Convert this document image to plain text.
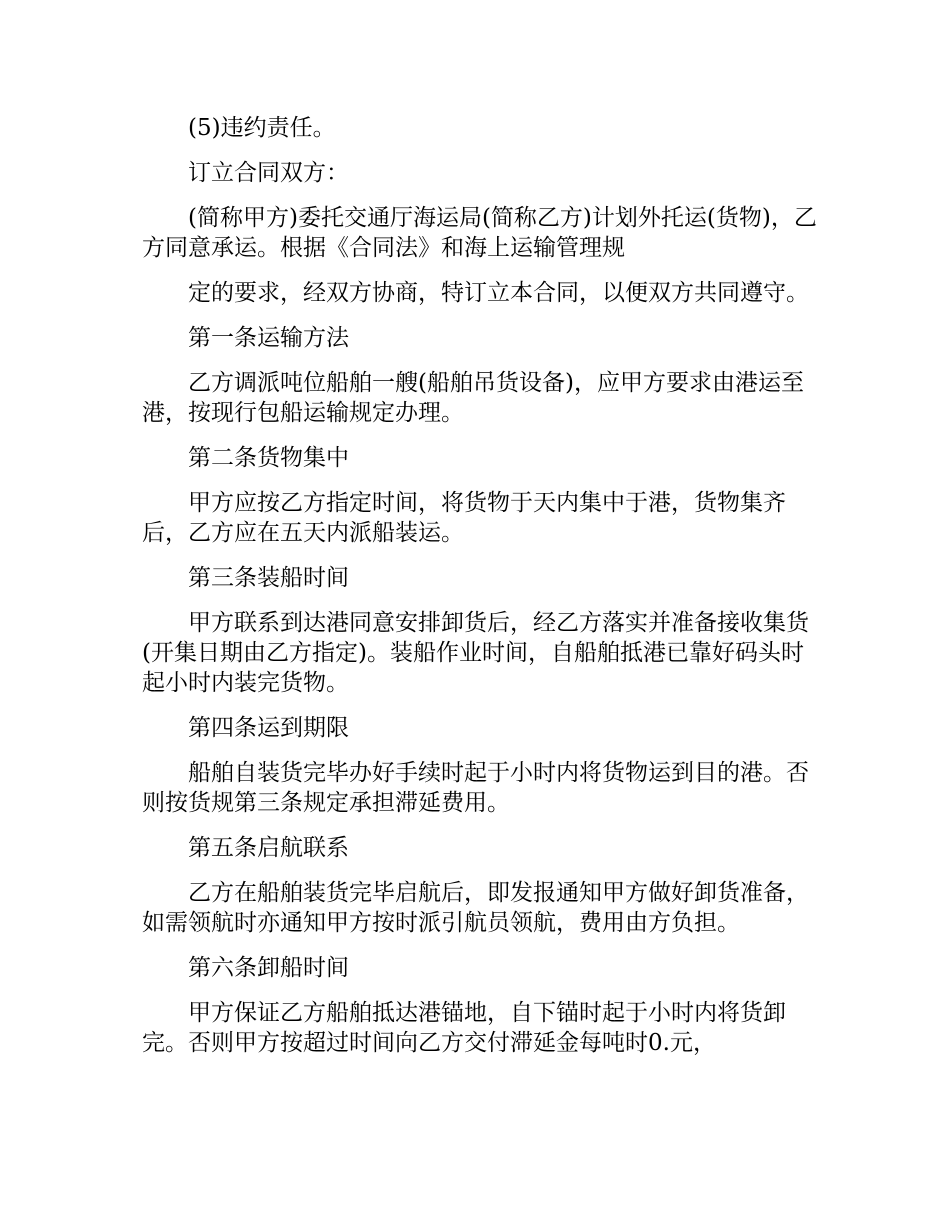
(5)违约责任。

订立合同双方：

(简称甲方)委托交通厅海运局(简称乙方)计划外托运(货物)，乙方同意承运。根据《合同法》和海上运输管理规

定的要求，经双方协商，特订立本合同，以便双方共同遵守。

第一条运输方法

乙方调派吨位船舶一艘(船舶吊货设备)，应甲方要求由港运至港，按现行包船运输规定办理。

第二条货物集中

甲方应按乙方指定时间，将货物于天内集中于港，货物集齐后，乙方应在五天内派船装运。

第三条装船时间

甲方联系到达港同意安排卸货后，经乙方落实并准备接收集货(开集日期由乙方指定)。装船作业时间，自船舶抵港已靠好码头时起小时内装完货物。

第四条运到期限

船舶自装货完毕办好手续时起于小时内将货物运到目的港。否则按货规第三条规定承担滞延费用。

第五条启航联系

乙方在船舶装货完毕启航后，即发报通知甲方做好卸货准备，如需领航时亦通知甲方按时派引航员领航，费用由方负担。

第六条卸船时间

甲方保证乙方船舶抵达港锚地，自下锚时起于小时内将货卸完。否则甲方按超过时间向乙方交付滞延金每吨时0.元，
